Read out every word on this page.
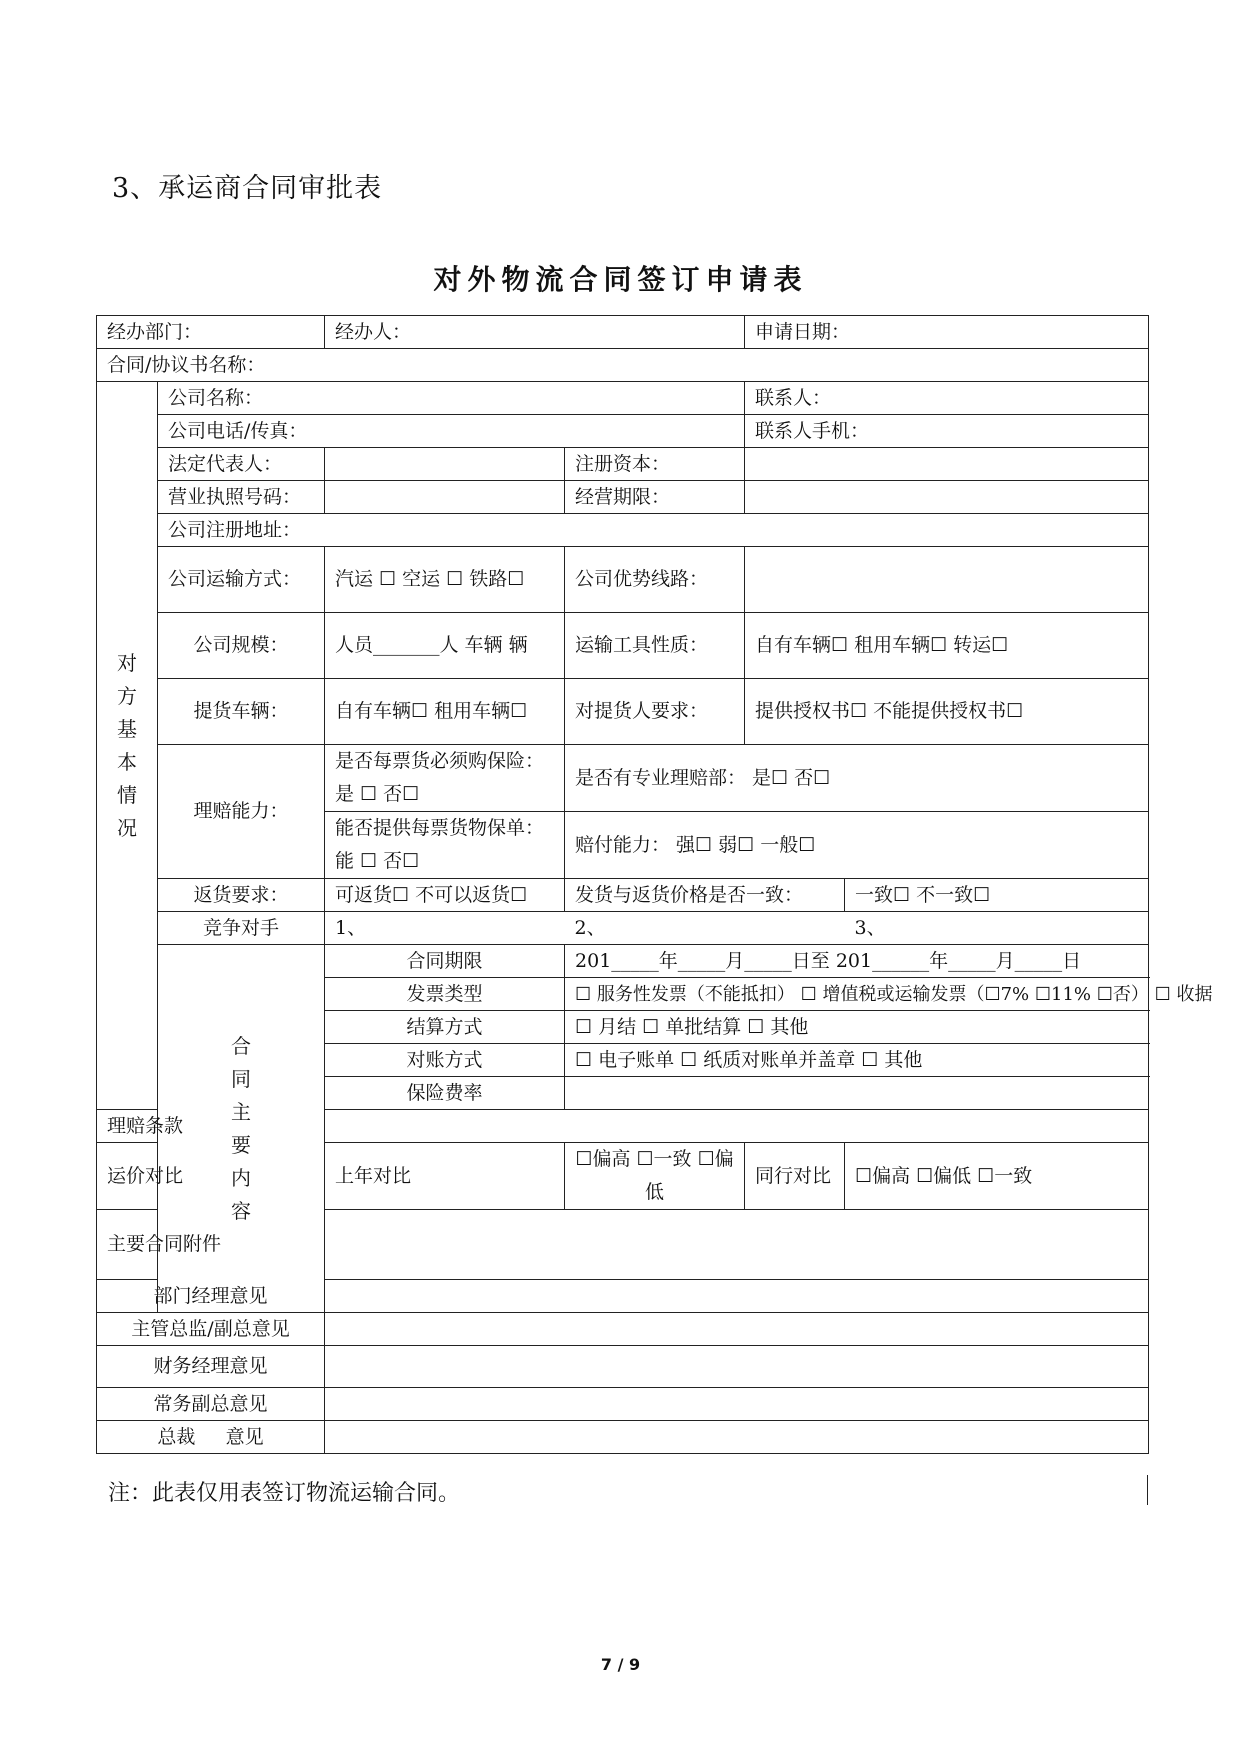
3、承运商合同审批表
对外物流合同签订申请表
经办部门：		经办人：		申请日期：	
合同/协议书名称：					

对方基本情况	公司名称：			联系人：	
	公司电话/传真：			联系人手机：	
	法定代表人：		注册资本：		
	营业执照号码：		经营期限：		
	公司注册地址：				
	公司运输方式：	汽运 ☐ 空运 ☐ 铁路☐	公司优势线路：		
	公司规模：	人员_______人 车辆 辆	运输工具性质：	自有车辆☐ 租用车辆☐ 转运☐	
	提货车辆：	自有车辆☐ 租用车辆☐	对提货人要求：	提供授权书☐ 不能提供授权书☐	
	理赔能力：	是否每票货必须购保险：是 ☐ 否☐	是否有专业理赔部： 是☐ 否☐		
		能否提供每票货物保单：能 ☐ 否☐	赔付能力： 强☐ 弱☐ 一般☐		
	返货要求：	可返货☐ 不可以返货☐	发货与返货价格是否一致：		一致☐ 不一致☐
	竞争对手	1、	2、		3、

	合同主要内容	合同期限	201_____年_____月_____日至 201______年_____月_____日		
		发票类型	☐ 服务性发票（不能抵扣） ☐ 增值税或运输发票（☐7% ☐11% ☐否） ☐ 收据		
		结算方式	☐ 月结 ☐ 单批结算 ☐ 其他		
		对账方式	☐ 电子账单 ☐ 纸质对账单并盖章 ☐ 其他		
		保险费率			
理赔条款					
运价对比		上年对比	☐偏高 ☐一致 ☐偏低	同行对比	☐偏高 ☐偏低 ☐一致
主要合同附件					
部门经理意见					
主管总监/副总意见					
财务经理意见					
常务副总意见					
总裁     意见					
注：此表仅用表签订物流运输合同。
7 / 9
